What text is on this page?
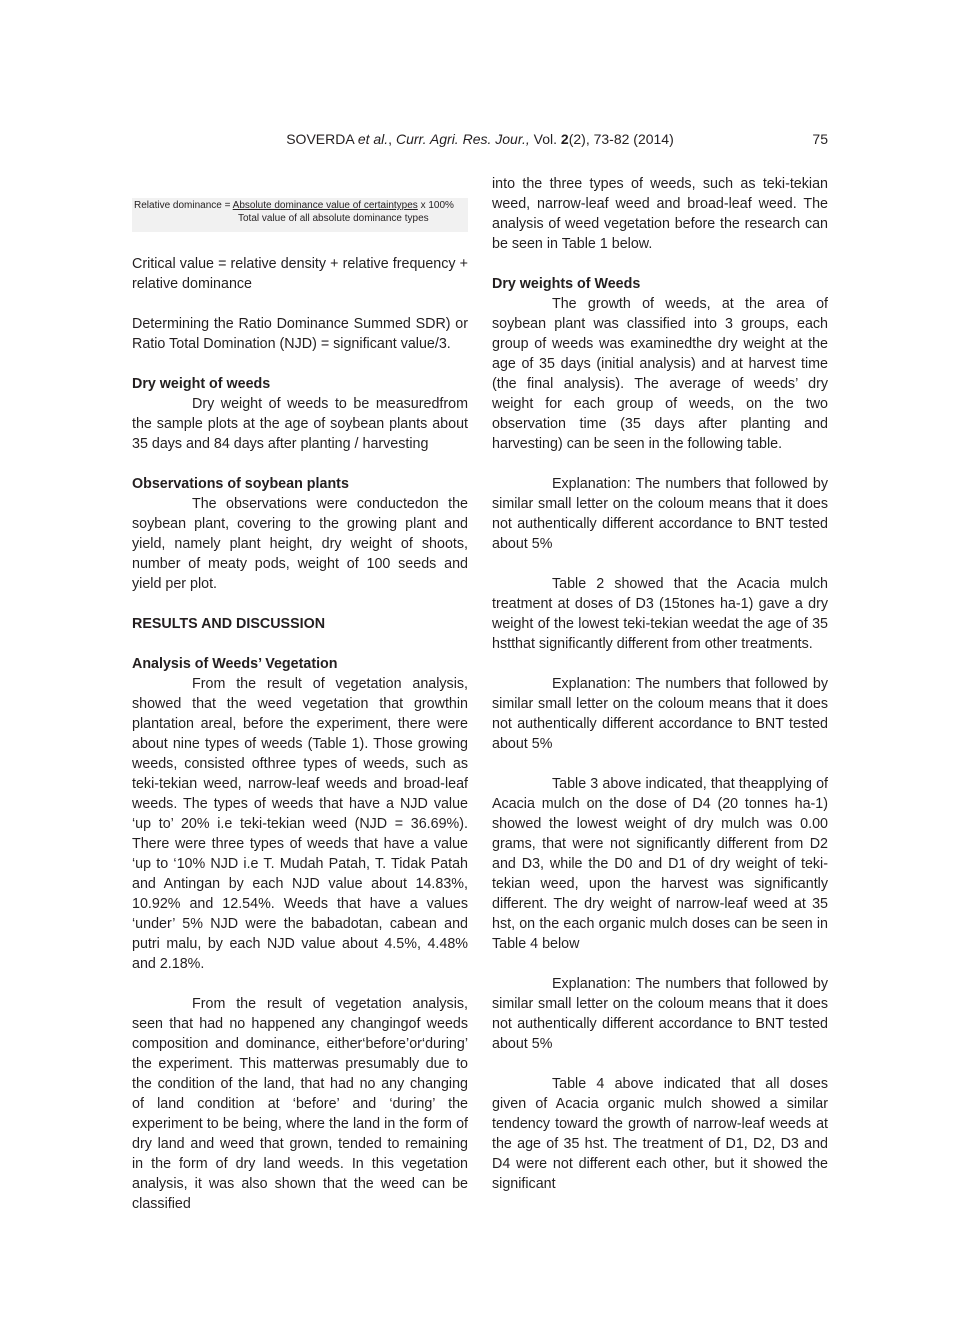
SOVERDA et al., Curr. Agri. Res. Jour., Vol. 2(2), 73-82 (2014)	75
Relative dominance = Absolute dominance value of certaintypes x 100%
Total value of all absolute dominance types

Critical value = relative density + relative frequency + relative dominance

Determining the Ratio Dominance Summed SDR) or Ratio Total Domination (NJD) = significant value/3.

Dry weight of weeds

Dry weight of weeds to be measuredfrom the sample plots at the age of soybean plants about 35 days and 84 days after planting / harvesting

Observations of soybean plants

The observations were conductedon the soybean plant, covering to the growing plant and yield, namely plant height, dry weight of shoots, number of meaty pods, weight of 100 seeds and yield per plot.

RESULTS AND DISCUSSION

Analysis of Weeds’ Vegetation

From the result of vegetation analysis, showed that the weed vegetation that growthin plantation areal, before the experiment, there were about nine types of weeds (Table 1). Those growing weeds, consisted ofthree types of weeds, such as teki-tekian weed, narrow-leaf weeds and broad-leaf weeds. The types of weeds that have a NJD value ‘up to’ 20% i.e teki-tekian weed (NJD = 36.69%). There were three types of weeds that have a value ‘up to ‘10% NJD i.e T. Mudah Patah, T. Tidak Patah and Antingan by each NJD value about 14.83%, 10.92% and 12.54%. Weeds that have a values ‘under’ 5% NJD were the babadotan, cabean and putri malu, by each NJD value about 4.5%, 4.48% and 2.18%.

From the result of vegetation analysis, seen that had no happened any changingof weeds composition and dominance, either‘before’or‘during’ the experiment. This matterwas presumably due to the condition of the land, that had no any changing of land condition at ‘before’ and ‘during’ the experiment to be being, where the land in the form of dry land and weed that grown, tended to remaining in the form of dry land weeds. In this vegetation analysis, it was also shown that the weed can be classified

into the three types of weeds, such as teki-tekian weed, narrow-leaf weed and broad-leaf weed. The analysis of weed vegetation before the research can be seen in Table 1 below.

Dry weights of Weeds

The growth of weeds, at the area of soybean plant was classified into 3 groups, each group of weeds was examinedthe dry weight at the age of 35 days (initial analysis) and at harvest time (the final analysis). The average of weeds’ dry weight for each group of weeds, on the two observation time (35 days after planting and harvesting) can be seen in the following table.

Explanation: The numbers that followed by similar small letter on the coloum means that it does not authentically different accordance to BNT tested about 5%

Table 2 showed that the Acacia mulch treatment at doses of D3 (15tones ha-1) gave a dry weight of the lowest teki-tekian weedat the age of 35 hstthat significantly different from other treatments.

Explanation: The numbers that followed by similar small letter on the coloum means that it does not authentically different accordance to BNT tested about 5%

Table 3 above indicated, that theapplying of Acacia mulch on the dose of D4 (20 tonnes ha-1) showed the lowest weight of dry mulch was 0.00 grams, that were not significantly different from D2 and D3, while the D0 and D1 of dry weight of teki-tekian weed, upon the harvest was significantly different. The dry weight of narrow-leaf weed at 35 hst, on the each organic mulch doses can be seen in Table 4 below

Explanation: The numbers that followed by similar small letter on the coloum means that it does not authentically different accordance to BNT tested about 5%

Table 4 above indicated that all doses given of Acacia organic mulch showed a similar tendency toward the growth of narrow-leaf weeds at the age of 35 hst. The treatment of D1, D2, D3 and D4 were not different each other, but it showed the significant
